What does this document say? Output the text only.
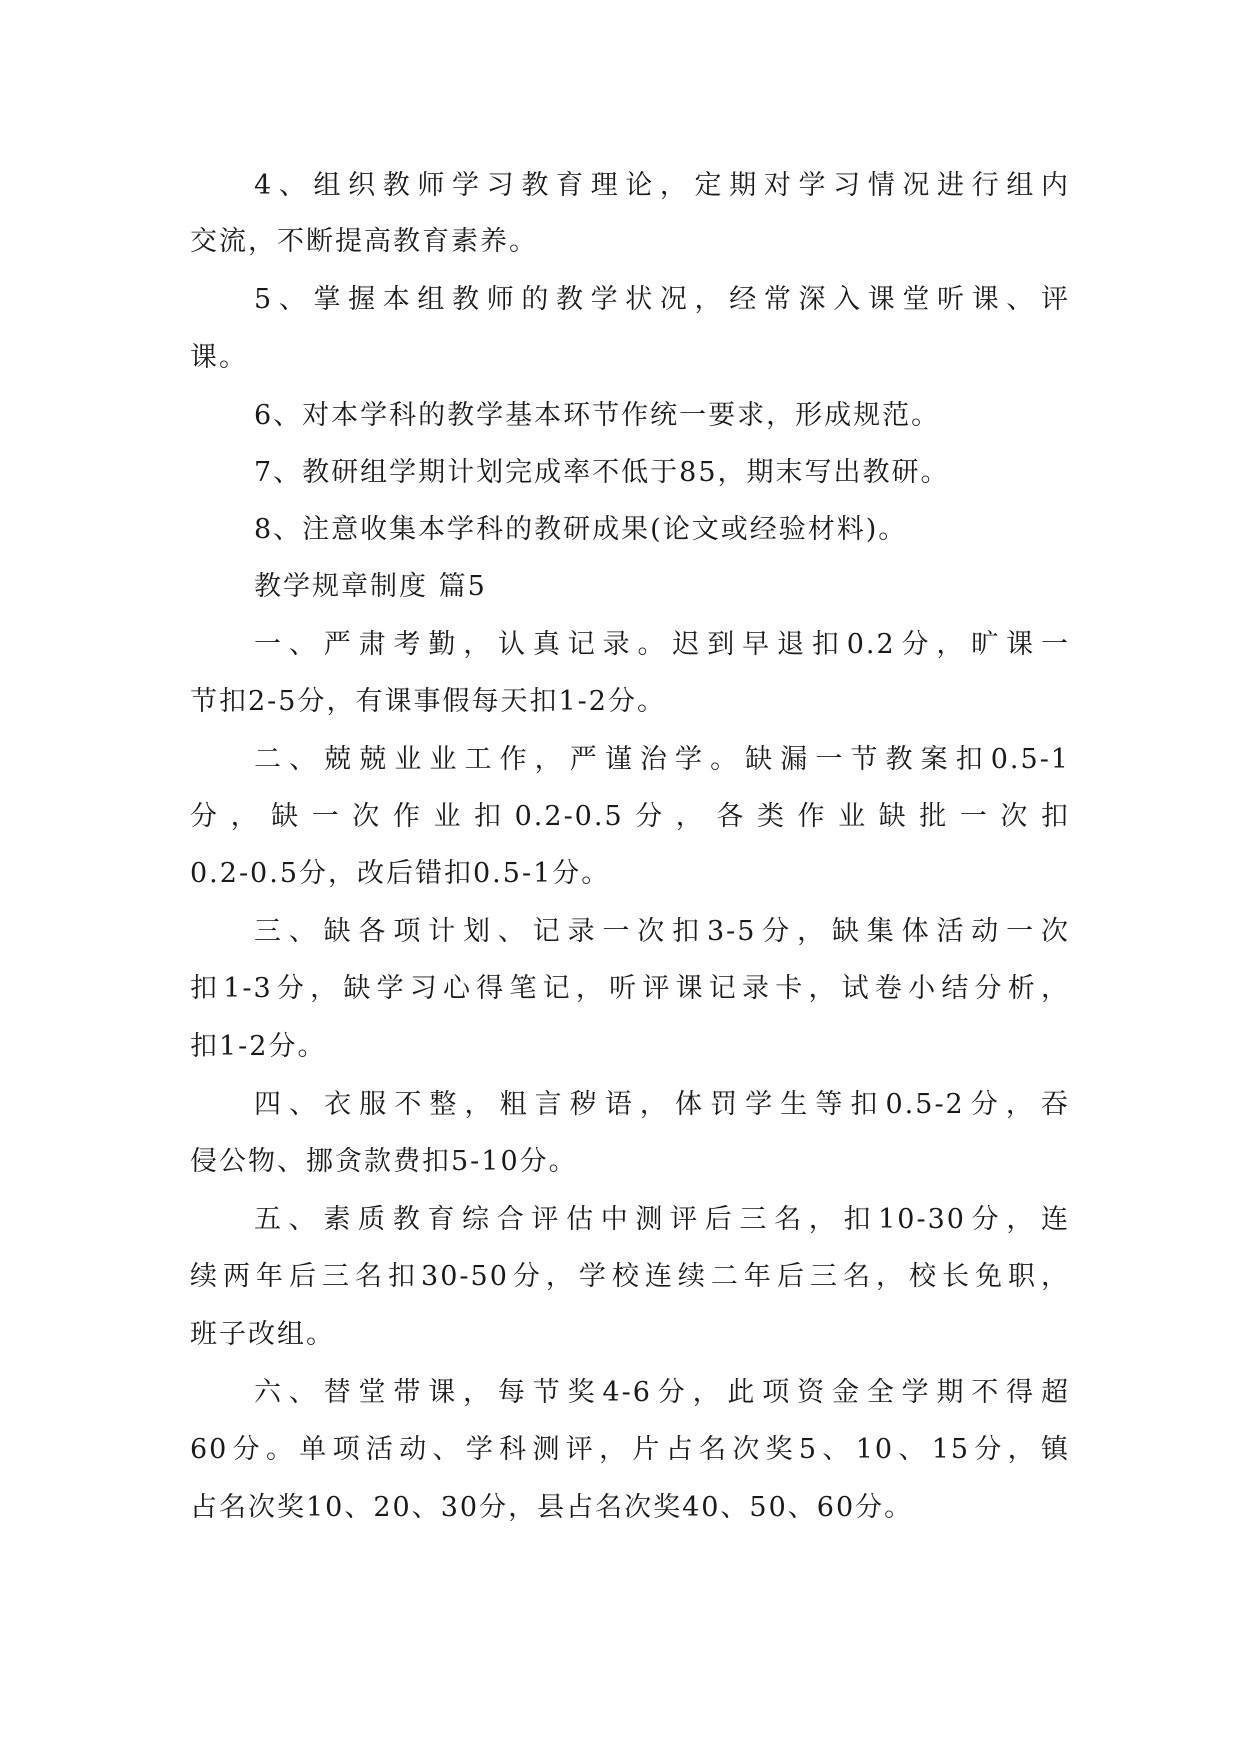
4、组织教师学习教育理论，定期对学习情况进行组内
交流，不断提高教育素养。
5、掌握本组教师的教学状况，经常深入课堂听课、评
课。
6、对本学科的教学基本环节作统一要求，形成规范。
7、教研组学期计划完成率不低于85，期末写出教研。
8、注意收集本学科的教研成果(论文或经验材料)。
教学规章制度 篇5
一、严肃考勤，认真记录。迟到早退扣0.2分，旷课一
节扣2-5分，有课事假每天扣1-2分。
二、兢兢业业工作，严谨治学。缺漏一节教案扣0.5-1
分，缺一次作业扣0.2-0.5分，各类作业缺批一次扣
0.2-0.5分，改后错扣0.5-1分。
三、缺各项计划、记录一次扣3-5分，缺集体活动一次
扣1-3分，缺学习心得笔记，听评课记录卡，试卷小结分析，
扣1-2分。
四、衣服不整，粗言秽语，体罚学生等扣0.5-2分，吞
侵公物、挪贪款费扣5-10分。
五、素质教育综合评估中测评后三名，扣10-30分，连
续两年后三名扣30-50分，学校连续二年后三名，校长免职，
班子改组。
六、替堂带课，每节奖4-6分，此项资金全学期不得超
60分。单项活动、学科测评，片占名次奖5、10、15分，镇
占名次奖10、20、30分，县占名次奖40、50、60分。
